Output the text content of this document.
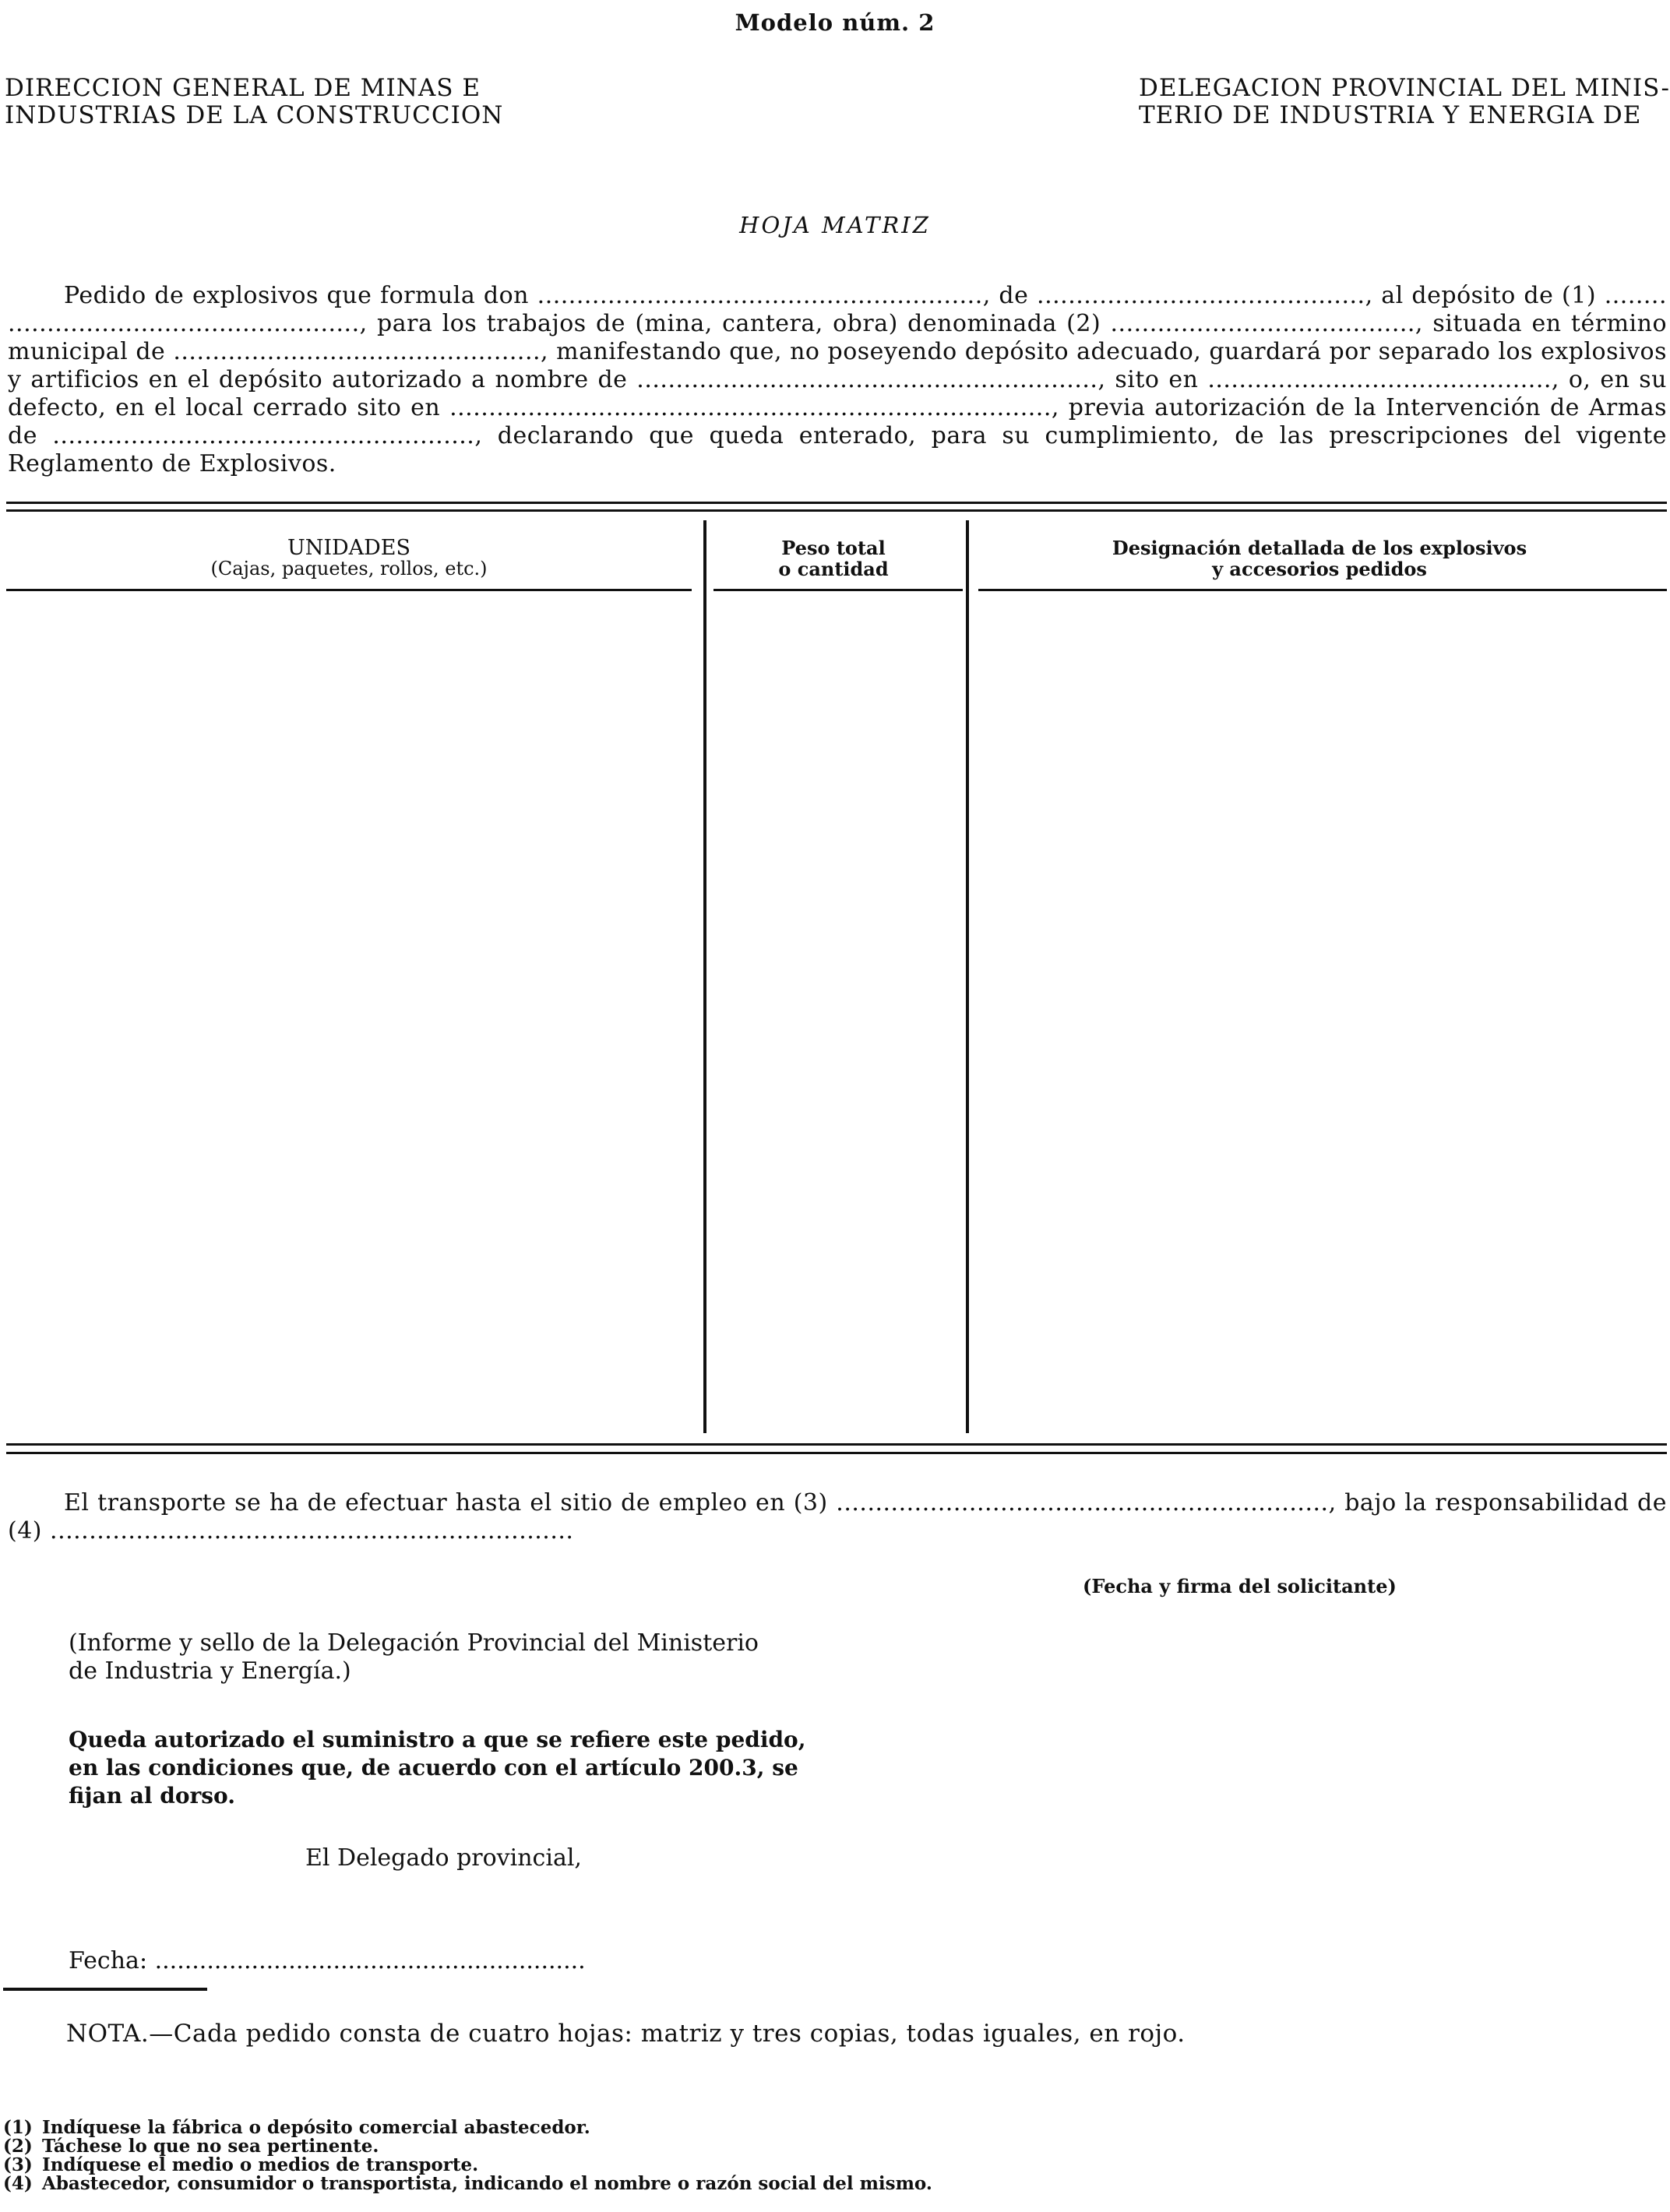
Modelo núm. 2
DIRECCION GENERAL DE MINAS E
INDUSTRIAS DE LA CONSTRUCCION
DELEGACION PROVINCIAL DEL MINIS-
TERIO DE INDUSTRIA Y ENERGIA DE
HOJA MATRIZ
Pedido de explosivos que formula don ........................................................., de .........................................., al depósito de (1) ........ ............................................., para los trabajos de (mina, cantera, obra) denominada (2) ......................................., situada en término municipal de ..............................................., manifestando que, no poseyendo depósito adecuado, guardará por separado los explosivos y artificios en el depósito autorizado a nombre de ..........................................................., sito en ............................................, o, en su defecto, en el local cerrado sito en ............................................................................., previa autorización de la Intervención de Armas de ......................................................, declarando que queda enterado, para su cumplimiento, de las prescripciones del vigente Reglamento de Explosivos.
UNIDADES
(Cajas, paquetes, rollos, etc.)
Peso total
o cantidad
Designación detallada de los explosivos
y accesorios pedidos
El transporte se ha de efectuar hasta el sitio de empleo en (3) ..............................................................., bajo la responsabilidad de (4) ...................................................................
(Fecha y firma del solicitante)
(Informe y sello de la Delegación Provincial del Ministerio
de Industria y Energía.)
Queda autorizado el suministro a que se refiere este pedido,
en las condiciones que, de acuerdo con el artículo 200.3, se
fijan al dorso.
El Delegado provincial,
Fecha: ..........................................................
NOTA.—Cada pedido consta de cuatro hojas: matriz y tres copias, todas iguales, en rojo.
(1) Indíquese la fábrica o depósito comercial abastecedor.
(2) Táchese lo que no sea pertinente.
(3) Indíquese el medio o medios de transporte.
(4) Abastecedor, consumidor o transportista, indicando el nombre o razón social del mismo.
